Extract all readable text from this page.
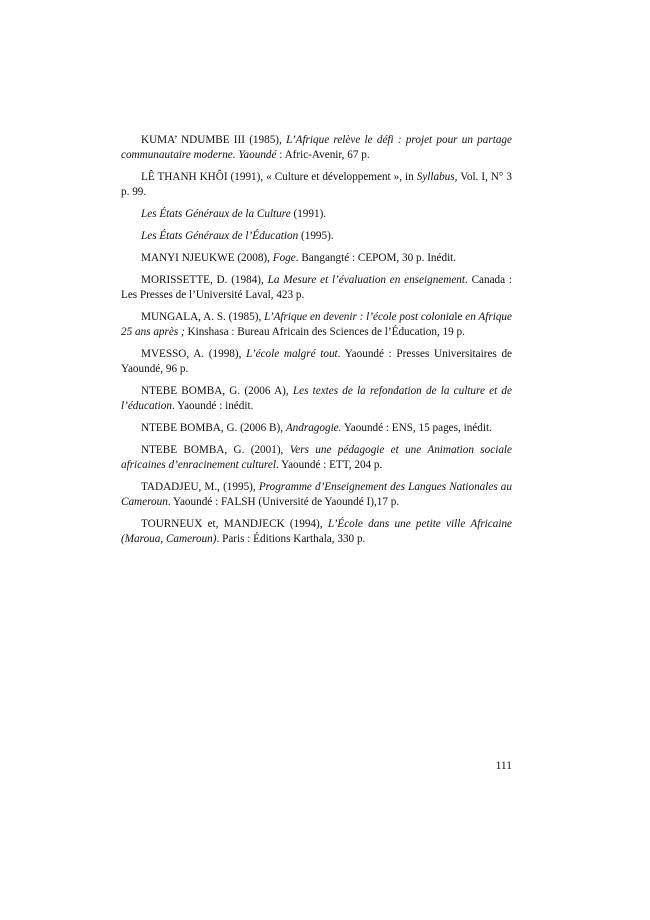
KUMA’ NDUMBE III (1985), L’Afrique relève le défi : projet pour un partage communautaire moderne. Yaoundé : Afric-Avenir, 67 p.

LÊ THANH KHÔI (1991), « Culture et développement », in Syllabus, Vol. I, N° 3 p. 99.

Les États Généraux de la Culture (1991).

Les États Généraux de l’Éducation (1995).

MANYI NJEUKWE (2008), Foge. Bangangté : CEPOM, 30 p. Inédit.

MORISSETTE, D. (1984), La Mesure et l’évaluation en enseignement. Canada : Les Presses de l’Université Laval, 423 p.

MUNGALA, A. S. (1985), L’Afrique en devenir : l’école post coloniale en Afrique 25 ans après ; Kinshasa : Bureau Africain des Sciences de l’Éducation, 19 p.

MVESSO, A. (1998), L’école malgré tout. Yaoundé : Presses Universitaires de Yaoundé, 96 p.

NTEBE BOMBA, G. (2006 A), Les textes de la refondation de la culture et de l’éducation. Yaoundé : inédit.

NTEBE BOMBA, G. (2006 B), Andragogie. Yaoundé : ENS, 15 pages, inédit.

NTEBE BOMBA, G. (2001), Vers une pédagogie et une Animation sociale africaines d’enracinement culturel. Yaoundé : ETT, 204 p.

TADADJEU, M., (1995), Programme d’Enseignement des Langues Nationales au Cameroun. Yaoundé : FALSH (Université de Yaoundé I),17 p.

TOURNEUX et, MANDJECK (1994), L’École dans une petite ville Africaine (Maroua, Cameroun). Paris : Éditions Karthala, 330 p.

111
